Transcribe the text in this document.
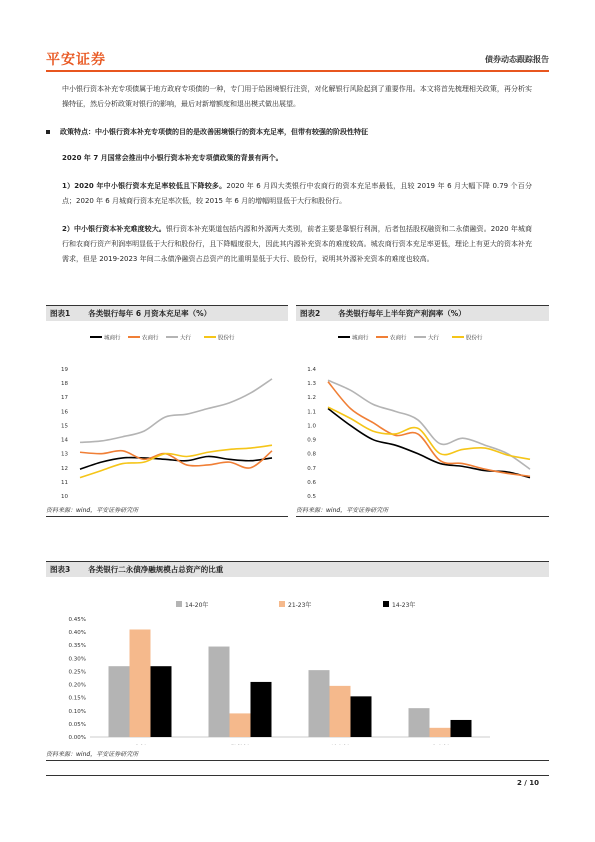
平安证券	债券动态跟踪报告
中小银行资本补充专项债属于地方政府专项债的一种，专门用于给困境银行注资，对化解银行风险起到了重要作用。本文将首先梳理相关政策，再分析实操特征，然后分析政策对银行的影响，最后对新增额度和退出模式做出展望。
政策特点：中小银行资本补充专项债的目的是改善困境银行的资本充足率，但带有较强的阶段性特征
2020 年 7 月国常会推出中小银行资本补充专项债政策的背景有两个。
1）2020 年中小银行资本充足率较低且下降较多。2020 年 6 月四大类银行中农商行的资本充足率最低，且较 2019 年 6 月大幅下降 0.79 个百分点；2020 年 6 月城商行资本充足率次低，较 2015 年 6 月的增幅明显低于大行和股份行。
2）中小银行资本补充难度较大。银行资本补充渠道包括内源和外源两大类别，前者主要是靠银行利润，后者包括股权融资和二永债融资。2020 年城商行和农商行资产利润率明显低于大行和股份行，且下降幅度很大，因此其内源补充资本的难度较高。城农商行资本充足率更低，理论上有更大的资本补充需求，但是 2019-2023 年间二永债净融资占总资产的比重明显低于大行、股份行，说明其外源补充资本的难度也较高。
图表1 各类银行每年 6 月资本充足率（%）
城商行	农商行	大行	股份行
10
11
12
13
14
15
16
17
18
19
资料来源：wind，平安证券研究所
图表2 各类银行每年上半年资产利润率（%）
城商行	农商行	大行	股份行
0.5
0.6
0.7
0.8
0.9
1.0
1.1
1.2
1.3
1.4
资料来源：wind，平安证券研究所
图表3 各类银行二永债净融规模占总资产的比重
14-20年	21-23年	14-23年
0.00%
0.05%
0.10%
0.15%
0.20%
0.25%
0.30%
0.35%
0.40%
0.45%
资料来源：wind，平安证券研究所
2 / 10
